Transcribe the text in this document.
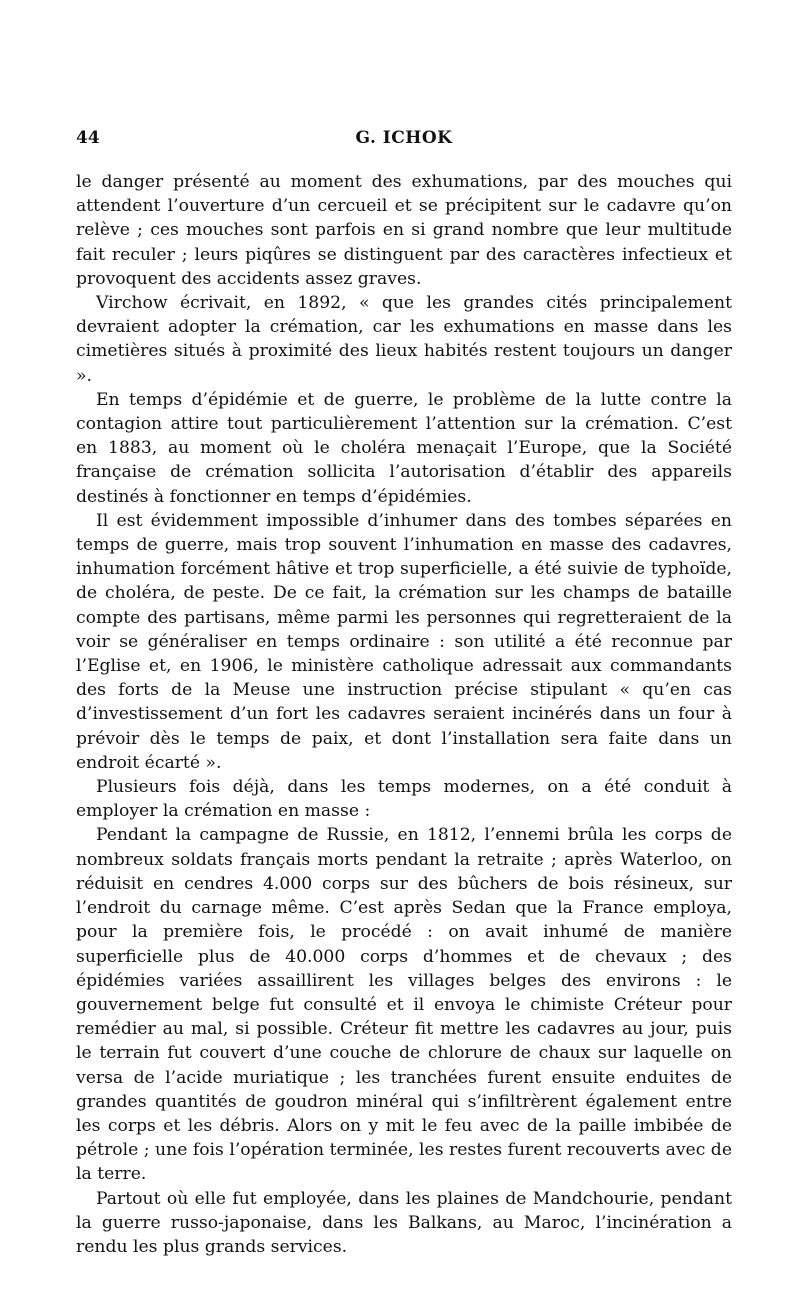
44	G. ICHOK

le danger présenté au moment des exhumations, par des mouches qui attendent l’ouverture d’un cercueil et se précipitent sur le cadavre qu’on relève ; ces mouches sont parfois en si grand nombre que leur multitude fait reculer ; leurs piqûres se distinguent par des caractères infectieux et provoquent des accidents assez graves.

Virchow écrivait, en 1892, « que les grandes cités principalement devraient adopter la crémation, car les exhumations en masse dans les cimetières situés à proximité des lieux habités restent toujours un danger ».

En temps d’épidémie et de guerre, le problème de la lutte contre la contagion attire tout particulièrement l’attention sur la crémation. C’est en 1883, au moment où le choléra menaçait l’Europe, que la Société française de crémation sollicita l’autorisation d’établir des appareils destinés à fonctionner en temps d’épidémies.

Il est évidemment impossible d’inhumer dans des tombes séparées en temps de guerre, mais trop souvent l’inhumation en masse des cadavres, inhumation forcément hâtive et trop superficielle, a été suivie de typhoïde, de choléra, de peste. De ce fait, la crémation sur les champs de bataille compte des partisans, même parmi les personnes qui regretteraient de la voir se généraliser en temps ordinaire : son utilité a été reconnue par l’Eglise et, en 1906, le ministère catholique adressait aux commandants des forts de la Meuse une instruction précise stipulant « qu’en cas d’investissement d’un fort les cadavres seraient incinérés dans un four à prévoir dès le temps de paix, et dont l’installation sera faite dans un endroit écarté ».

Plusieurs fois déjà, dans les temps modernes, on a été conduit à employer la crémation en masse :

Pendant la campagne de Russie, en 1812, l’ennemi brûla les corps de nombreux soldats français morts pendant la retraite ; après Waterloo, on réduisit en cendres 4.000 corps sur des bûchers de bois résineux, sur l’endroit du carnage même. C’est après Sedan que la France employa, pour la première fois, le procédé : on avait inhumé de manière superficielle plus de 40.000 corps d’hommes et de chevaux ; des épidémies variées assaillirent les villages belges des environs : le gouvernement belge fut consulté et il envoya le chimiste Créteur pour remédier au mal, si possible. Créteur fit mettre les cadavres au jour, puis le terrain fut couvert d’une couche de chlorure de chaux sur laquelle on versa de l’acide muriatique ; les tranchées furent ensuite enduites de grandes quantités de goudron minéral qui s’infiltrèrent également entre les corps et les débris. Alors on y mit le feu avec de la paille imbibée de pétrole ; une fois l’opération terminée, les restes furent recouverts avec de la terre.

Partout où elle fut employée, dans les plaines de Mandchourie, pendant la guerre russo-japonaise, dans les Balkans, au Maroc, l’incinération a rendu les plus grands services.
